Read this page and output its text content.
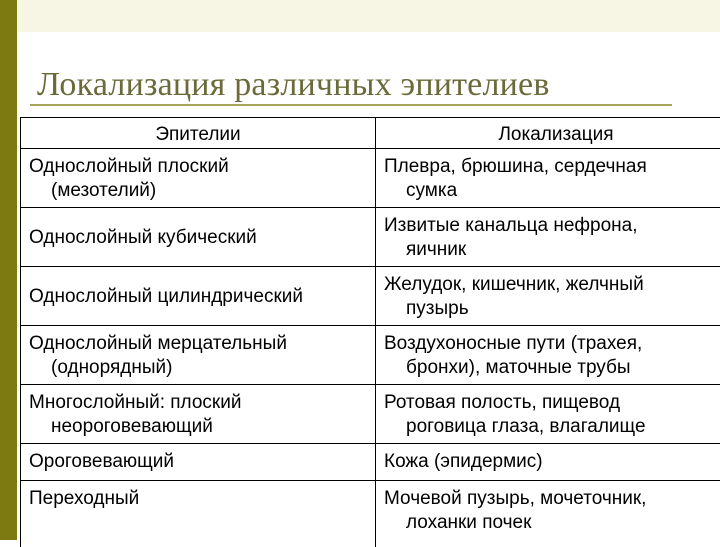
Локализация различных эпителиев
Эпителии	Локализация
Однослойный плоский
(мезотелий)	Плевра, брюшина, сердечная
сумка

Однослойный кубический	Извитые канальца нефрона,
яичник

Однослойный цилиндрический	Желудок, кишечник, желчный
пузырь

Однослойный мерцательный
(однорядный)	Воздухоносные пути (трахея,
бронхи), маточные трубы

Многослойный: плоский
неороговевающий	Ротовая полость, пищевод
роговица глаза, влагалище

Ороговевающий	Кожа (эпидермис)
Переходный	Мочевой пузырь, мочеточник,
лоханки почек
